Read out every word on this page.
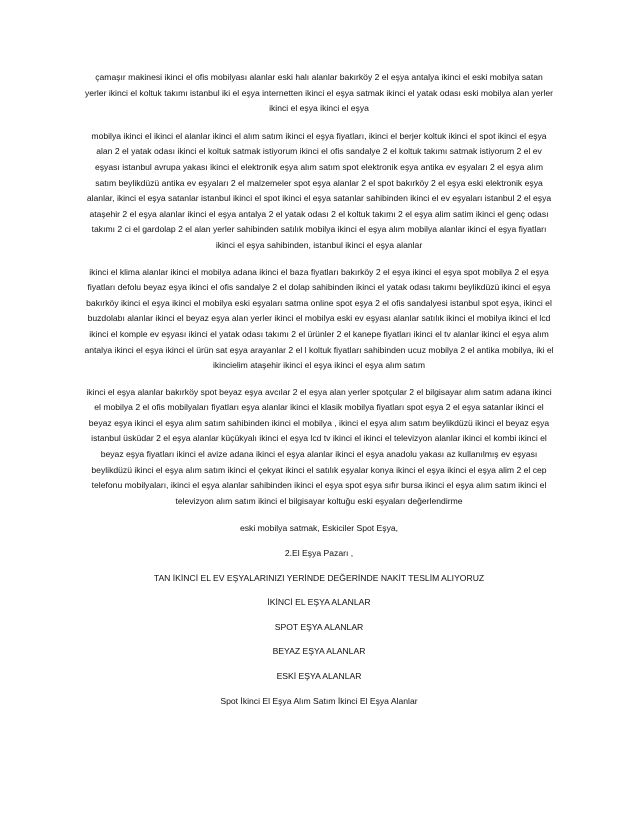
çamaşır makinesi ikinci el ofis mobilyası alanlar eski halı alanlar bakırköy 2 el eşya antalya ikinci el eski mobilya satan yerler ikinci el koltuk takımı istanbul iki el eşya internetten ikinci el eşya satmak ikinci el yatak odası eski mobilya alan yerler ikinci el eşya ikinci el eşya

mobilya ikinci el ikinci el alanlar ikinci el alım satım ikinci el eşya fiyatları, ikinci el berjer koltuk ikinci el spot ikinci el eşya alan 2 el yatak odası ikinci el koltuk satmak istiyorum ikinci el ofis sandalye 2 el koltuk takımı satmak istiyorum 2 el ev eşyası istanbul avrupa yakası ikinci el elektronik eşya alım satım spot elektronik eşya antika ev eşyaları 2 el eşya alım satım beylikdüzü antika ev eşyaları 2 el malzemeler spot eşya alanlar 2 el spot bakırköy 2 el eşya eski elektronik eşya alanlar, ikinci el eşya satanlar istanbul ikinci el spot ikinci el eşya satanlar sahibinden ikinci el ev eşyaları istanbul 2 el eşya ataşehir 2 el eşya alanlar ikinci el eşya antalya 2 el yatak odası 2 el koltuk takımı 2 el eşya alim satim ikinci el genç odası takımı 2 ci el gardolap 2 el alan yerler sahibinden satılık mobilya ikinci el eşya alım mobilya alanlar ikinci el eşya fiyatları ikinci el eşya sahibinden, istanbul ikinci el eşya alanlar

ikinci el klima alanlar ikinci el mobilya adana ikinci el baza fiyatları bakırköy 2 el eşya ikinci el eşya spot mobilya 2 el eşya fiyatları defolu beyaz eşya ikinci el ofis sandalye 2 el dolap sahibinden ikinci el yatak odası takımı beylikdüzü ikinci el eşya bakırköy ikinci el eşya ikinci el mobilya eski eşyaları satma online spot eşya 2 el ofis sandalyesi istanbul spot eşya, ikinci el buzdolabı alanlar ikinci el beyaz eşya alan yerler ikinci el mobilya eski ev eşyası alanlar satılık ikinci el mobilya ikinci el lcd ikinci el komple ev eşyası ikinci el yatak odası takımı 2 el ürünler 2 el kanepe fiyatları ikinci el tv alanlar ikinci el eşya alım antalya ikinci el eşya ikinci el ürün sat eşya arayanlar 2 el l koltuk fiyatları sahibinden ucuz mobilya 2 el antika mobilya, iki el ikincielim ataşehir ikinci el eşya ikinci el eşya alım satım

ikinci el eşya alanlar bakırköy spot beyaz eşya avcılar 2 el eşya alan yerler spotçular 2 el bilgisayar alım satım adana ikinci el mobilya 2 el ofis mobilyaları fiyatları eşya alanlar ikinci el klasik mobilya fiyatları spot eşya 2 el eşya satanlar ikinci el beyaz eşya ikinci el eşya alım satım sahibinden ikinci el mobilya , ikinci el eşya alım satım beylikdüzü ikinci el beyaz eşya istanbul üsküdar 2 el eşya alanlar küçükyalı ikinci el eşya lcd tv ikinci el ikinci el televizyon alanlar ikinci el kombi ikinci el beyaz eşya fiyatları ikinci el avize adana ikinci el eşya alanlar ikinci el eşya anadolu yakası az kullanılmış ev eşyası beylikdüzü ikinci el eşya alım satım ikinci el çekyat ikinci el satılık eşyalar konya ikinci el eşya ikinci el eşya alim 2 el cep telefonu mobilyaları, ikinci el eşya alanlar sahibinden ikinci el eşya spot eşya sıfır bursa ikinci el eşya alım satım ikinci el televizyon alım satım ikinci el bilgisayar koltuğu eski eşyaları değerlendirme

eski mobilya satmak, Eskiciler Spot Eşya,
2.El Eşya Pazarı ,
TAN İKİNCİ EL EV EŞYALARINIZI YERİNDE DEĞERİNDE NAKİT TESLİM ALIYORUZ
İKİNCİ EL EŞYA ALANLAR
SPOT EŞYA ALANLAR
BEYAZ EŞYA ALANLAR
ESKİ EŞYA ALANLAR
Spot İkinci El Eşya Alım Satım İkinci El Eşya Alanlar
